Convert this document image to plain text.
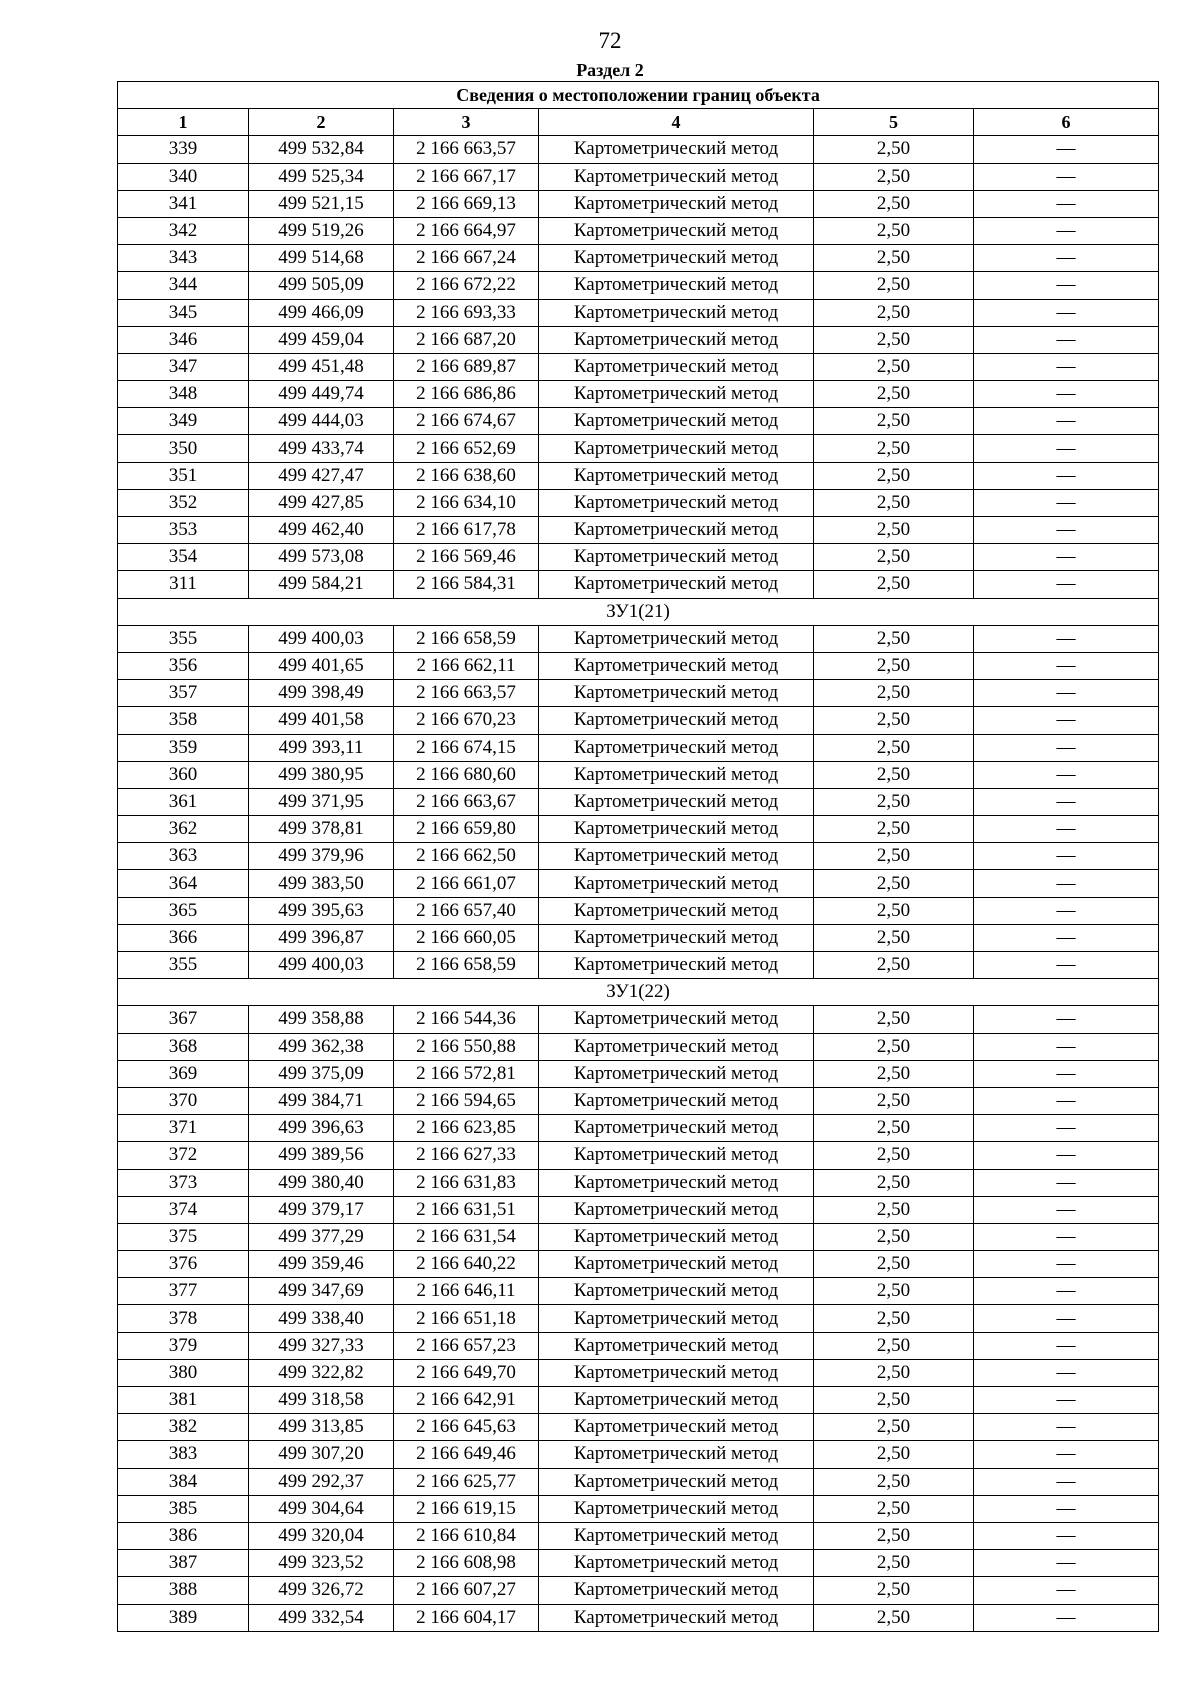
72
Раздел 2
Сведения о местоположении границ объекта					
1	2	3	4	5	6
339	499 532,84	2 166 663,57	Картометрический метод	2,50	—
340	499 525,34	2 166 667,17	Картометрический метод	2,50	—
341	499 521,15	2 166 669,13	Картометрический метод	2,50	—
342	499 519,26	2 166 664,97	Картометрический метод	2,50	—
343	499 514,68	2 166 667,24	Картометрический метод	2,50	—
344	499 505,09	2 166 672,22	Картометрический метод	2,50	—
345	499 466,09	2 166 693,33	Картометрический метод	2,50	—
346	499 459,04	2 166 687,20	Картометрический метод	2,50	—
347	499 451,48	2 166 689,87	Картометрический метод	2,50	—
348	499 449,74	2 166 686,86	Картометрический метод	2,50	—
349	499 444,03	2 166 674,67	Картометрический метод	2,50	—
350	499 433,74	2 166 652,69	Картометрический метод	2,50	—
351	499 427,47	2 166 638,60	Картометрический метод	2,50	—
352	499 427,85	2 166 634,10	Картометрический метод	2,50	—
353	499 462,40	2 166 617,78	Картометрический метод	2,50	—
354	499 573,08	2 166 569,46	Картометрический метод	2,50	—
311	499 584,21	2 166 584,31	Картометрический метод	2,50	—
ЗУ1(21)					
355	499 400,03	2 166 658,59	Картометрический метод	2,50	—
356	499 401,65	2 166 662,11	Картометрический метод	2,50	—
357	499 398,49	2 166 663,57	Картометрический метод	2,50	—
358	499 401,58	2 166 670,23	Картометрический метод	2,50	—
359	499 393,11	2 166 674,15	Картометрический метод	2,50	—
360	499 380,95	2 166 680,60	Картометрический метод	2,50	—
361	499 371,95	2 166 663,67	Картометрический метод	2,50	—
362	499 378,81	2 166 659,80	Картометрический метод	2,50	—
363	499 379,96	2 166 662,50	Картометрический метод	2,50	—
364	499 383,50	2 166 661,07	Картометрический метод	2,50	—
365	499 395,63	2 166 657,40	Картометрический метод	2,50	—
366	499 396,87	2 166 660,05	Картометрический метод	2,50	—
355	499 400,03	2 166 658,59	Картометрический метод	2,50	—
ЗУ1(22)					
367	499 358,88	2 166 544,36	Картометрический метод	2,50	—
368	499 362,38	2 166 550,88	Картометрический метод	2,50	—
369	499 375,09	2 166 572,81	Картометрический метод	2,50	—
370	499 384,71	2 166 594,65	Картометрический метод	2,50	—
371	499 396,63	2 166 623,85	Картометрический метод	2,50	—
372	499 389,56	2 166 627,33	Картометрический метод	2,50	—
373	499 380,40	2 166 631,83	Картометрический метод	2,50	—
374	499 379,17	2 166 631,51	Картометрический метод	2,50	—
375	499 377,29	2 166 631,54	Картометрический метод	2,50	—
376	499 359,46	2 166 640,22	Картометрический метод	2,50	—
377	499 347,69	2 166 646,11	Картометрический метод	2,50	—
378	499 338,40	2 166 651,18	Картометрический метод	2,50	—
379	499 327,33	2 166 657,23	Картометрический метод	2,50	—
380	499 322,82	2 166 649,70	Картометрический метод	2,50	—
381	499 318,58	2 166 642,91	Картометрический метод	2,50	—
382	499 313,85	2 166 645,63	Картометрический метод	2,50	—
383	499 307,20	2 166 649,46	Картометрический метод	2,50	—
384	499 292,37	2 166 625,77	Картометрический метод	2,50	—
385	499 304,64	2 166 619,15	Картометрический метод	2,50	—
386	499 320,04	2 166 610,84	Картометрический метод	2,50	—
387	499 323,52	2 166 608,98	Картометрический метод	2,50	—
388	499 326,72	2 166 607,27	Картометрический метод	2,50	—
389	499 332,54	2 166 604,17	Картометрический метод	2,50	—
